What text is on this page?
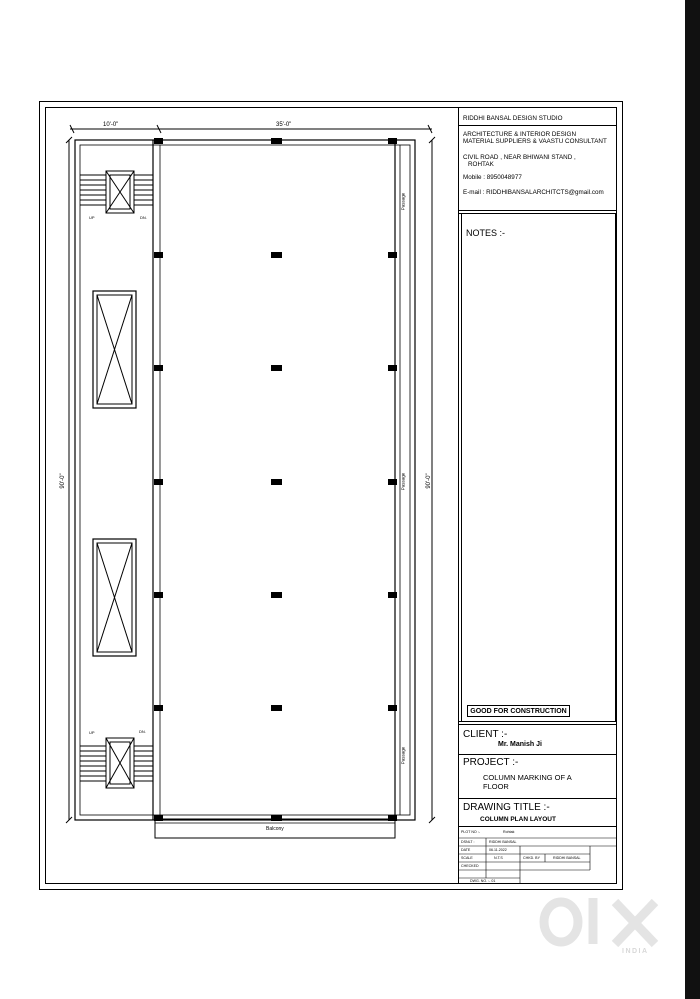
10'-0"	35'-0"
90'-0"	90'-0"
Passage
Passage
Passage
Balcony
UP	DN.
UP	DN.
RIDDHI BANSAL DESIGN STUDIO
ARCHITECTURE & INTERIOR DESIGN
MATERIAL SUPPLIERS & VAASTU CONSULTANT
CIVIL ROAD , NEAR BHIWANI STAND ,
ROHTAK
Mobile : 8950048977
E-mail : RIDDHIBANSALARCHITCTS@gmail.com
NOTES :-
GOOD FOR CONSTRUCTION
CLIENT :-
Mr. Manish Ji
PROJECT :-
COLUMN MARKING OF A
FLOOR
DRAWING TITLE :-
COLUMN PLAN LAYOUT
PLOT NO :-	Rohtak
DSNLT :	RIDDHI BANSAL
DATE	06.11.2022
SCALE	N.T.S	CHKD. BY	RIDDHI BANSAL
CHECKED
DWG. NO. :- 01
INDIA
